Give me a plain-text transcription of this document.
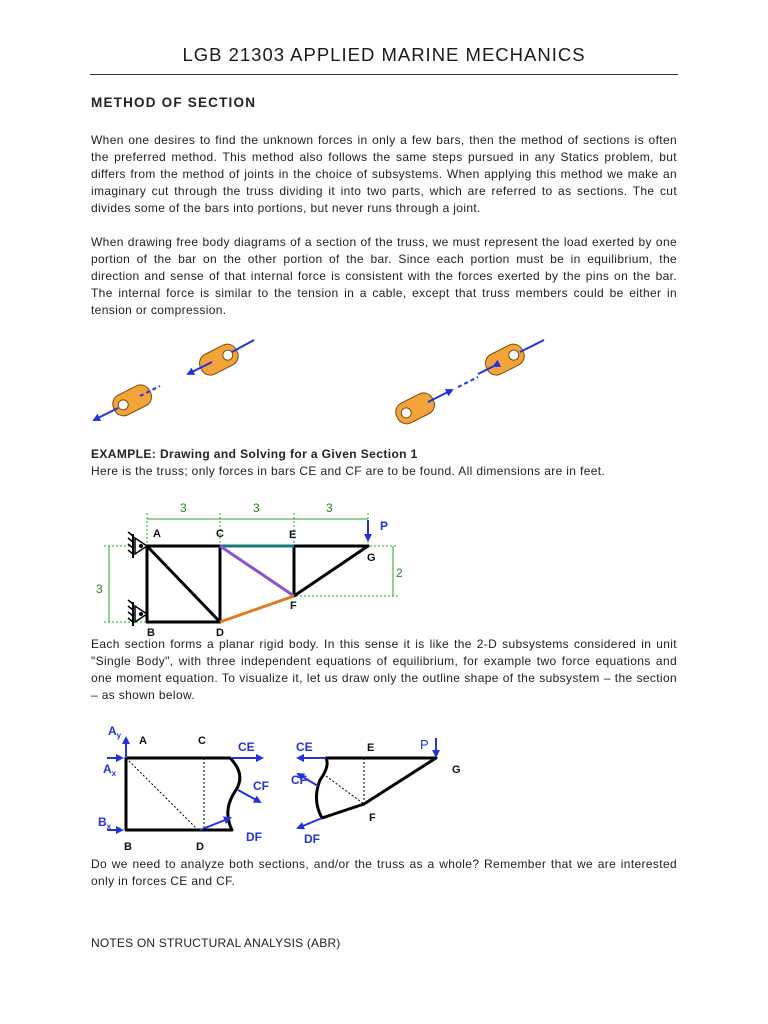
LGB 21303 APPLIED MARINE MECHANICS
METHOD OF SECTION

When one desires to find the unknown forces in only a few bars, then the method of sections is often the preferred method. This method also follows the same steps pursued in any Statics problem, but differs from the method of joints in the choice of subsystems. When applying this method we make an imaginary cut through the truss dividing it into two parts, which are referred to as sections. The cut divides some of the bars into portions, but never runs through a joint.

When drawing free body diagrams of a section of the truss, we must represent the load exerted by one portion of the bar on the other portion of the bar. Since each portion must be in equilibrium, the direction and sense of that internal force is consistent with the forces exerted by the pins on the bar. The internal force is similar to the tension in a cable, except that truss members could be either in tension or compression.

EXAMPLE: Drawing and Solving for a Given Section 1
Here is the truss; only forces in bars CE and CF are to be found. All dimensions are in feet.
3	3	3
3
2
P
A	C	E
G
F
B	D

Each section forms a planar rigid body. In this sense it is like the 2-D subsystems considered in unit "Single Body", with three independent equations of equilibrium, for example two force equations and one moment equation. To visualize it, let us draw only the outline shape of the subsystem – the section – as shown below.

$A_y$
$A_x$
$B_x$
A	C
B	D
CE
CF
DF
CE
CF
DF
E
G
F
P

Do we need to analyze both sections, and/or the truss as a whole? Remember that we are interested only in forces CE and CF.

NOTES ON STRUCTURAL ANALYSIS (ABR)
